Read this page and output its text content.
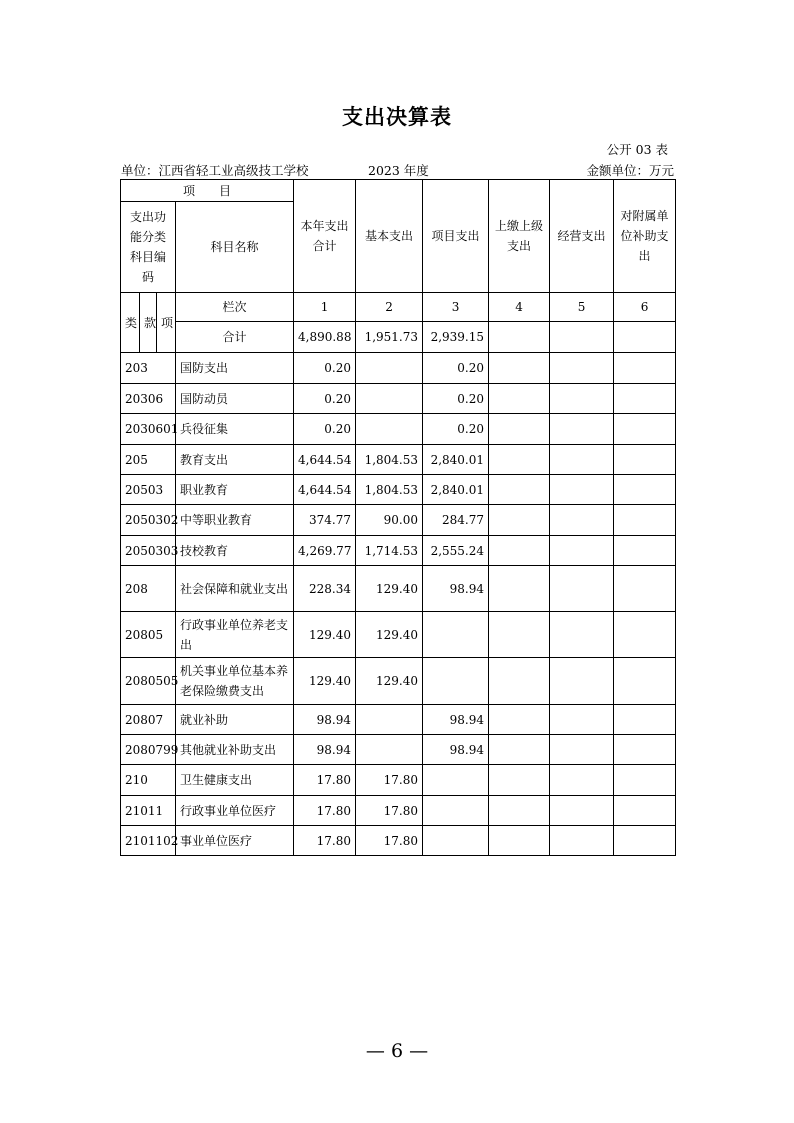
支出决算表
公开 03 表
单位：江西省轻工业高级技工学校	2023 年度	金额单位：万元
项　　目				本年支出合计	基本支出	项目支出	上缴上级支出	经营支出	对附属单位补助支出
支出功能分类科目编码			科目名称						
类	款	项	栏次	1	2	3	4	5	6
			合计	4,890.88	1,951.73	2,939.15			
203			国防支出	0.20		0.20			
20306			国防动员	0.20		0.20			
2030601			兵役征集	0.20		0.20			
205			教育支出	4,644.54	1,804.53	2,840.01			
20503			职业教育	4,644.54	1,804.53	2,840.01			
2050302			中等职业教育	374.77	90.00	284.77			
2050303			技校教育	4,269.77	1,714.53	2,555.24			
208			社会保障和就业支出	228.34	129.40	98.94			
20805			行政事业单位养老支出	129.40	129.40				
2080505			机关事业单位基本养老保险缴费支出	129.40	129.40				
20807			就业补助	98.94		98.94			
2080799			其他就业补助支出	98.94		98.94			
210			卫生健康支出	17.80	17.80				
21011			行政事业单位医疗	17.80	17.80				
2101102			事业单位医疗	17.80	17.80				
— 6 —
